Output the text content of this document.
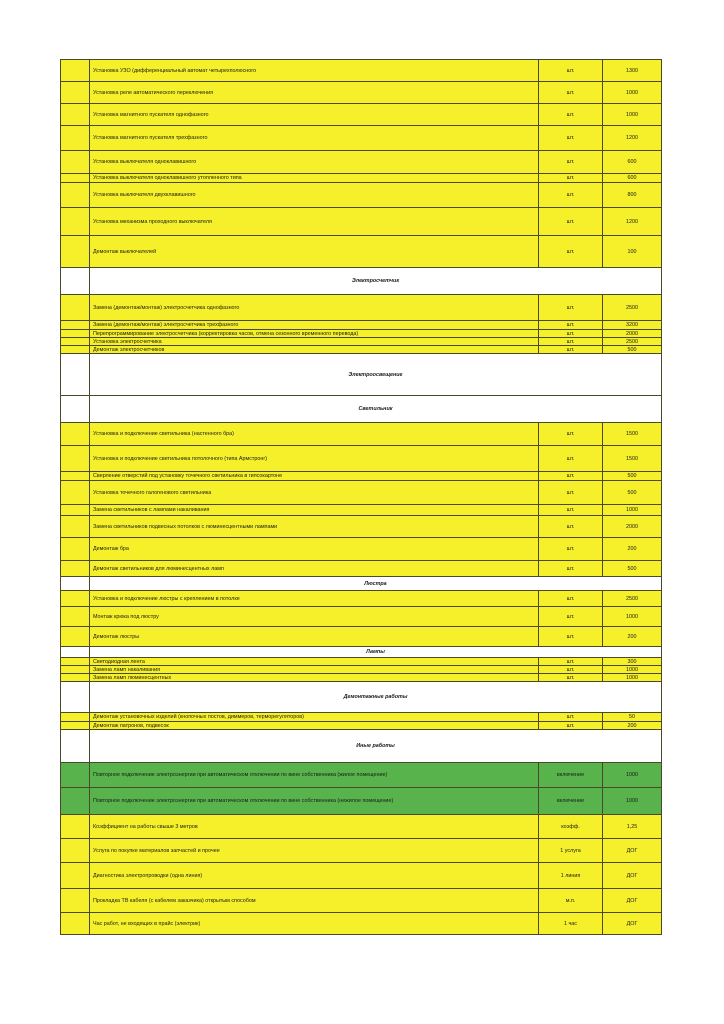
	Установка УЗО (дифференциальный автомат четырехполюсного	шт.	1300
	Установка реле автоматического переключения	шт.	1000
	Установка магнитного пускателя однофазного	шт.	1000
	Установка магнитного пускателя трехфазного	шт.	1200
	Установка выключателя одноклавишного	шт.	600
	Установка выключателя одноклавишного утопленного типа	шт.	600
	Установка выключателя двухклавишного	шт.	800
	Установка механизма проходного выключателя	шт.	1200
	Демонтаж выключателей	шт.	100
	Электросчетчик		
	Замена (демонтаж/монтаж) электросчетчика однофазного	шт.	2500
	Замена (демонтаж/монтаж) электросчетчика трехфазного	шт.	3200
	Перепрограммирование электросчетчика (корректировка часов, отмена сезонного временного перевода)	шт.	2000
	Установка электросчетчика	шт.	2500
	Демонтаж электросчетчиков	шт.	500
	Электроосвещение		
	Светильник		
	Установка и подключение светильника (настенного бра)	шт.	1500
	Установка и подключение светильника потолочного (типа Армстронг)	шт.	1500
	Сверление отверстий под установку точечного светильника в гипсокартоне	шт.	500
	Установка точечного галогенового светильника	шт.	500
	Замена светильников с лампами накаливания	шт.	1000
	Замена светильников подвесных потолков с люминесцентными лампами	шт.	2000
	Демонтаж бра	шт.	200
	Демонтаж светильников для люминесцентных ламп	шт.	500
	Люстра		
	Установка и подключение люстры с креплением в потолке	шт.	2500
	Монтаж крюка под люстру	шт.	1000
	Демонтаж люстры	шт.	200
	Лампы		
	Светодиодная лента	шт.	300
	Замена ламп накаливания	шт.	1000
	Замена ламп люминесцентных	шт.	1000
	Демонтажные работы		
	Демонтаж установочных изделий (кнопочных постов, диммеров, терморегуляторов)	шт.	50
	Демонтаж патронов, подвесок	шт.	200
	Иные работы		
	Повторное подключение электроэнергии при автоматическом отключении по вине собственника (жилое помещение)	включение	1000
	Повторное подключение электроэнергии при автоматическом отключении по вине собственника (нежилое помещение)	включение	1000
	Коэффициент на работы свыше 3 метров	коэфф.	1,25
	Услуга по покупке материалов запчастей и прочее	1 услуга	ДОГ
	Диагностика электропроводки (одна линия)	1 линия	ДОГ
	Прокладка ТВ кабеля (с кабелем заказчика) открытым способом	м.п.	ДОГ
	Час работ, не входящих в прайс (электрик)	1 час	ДОГ
